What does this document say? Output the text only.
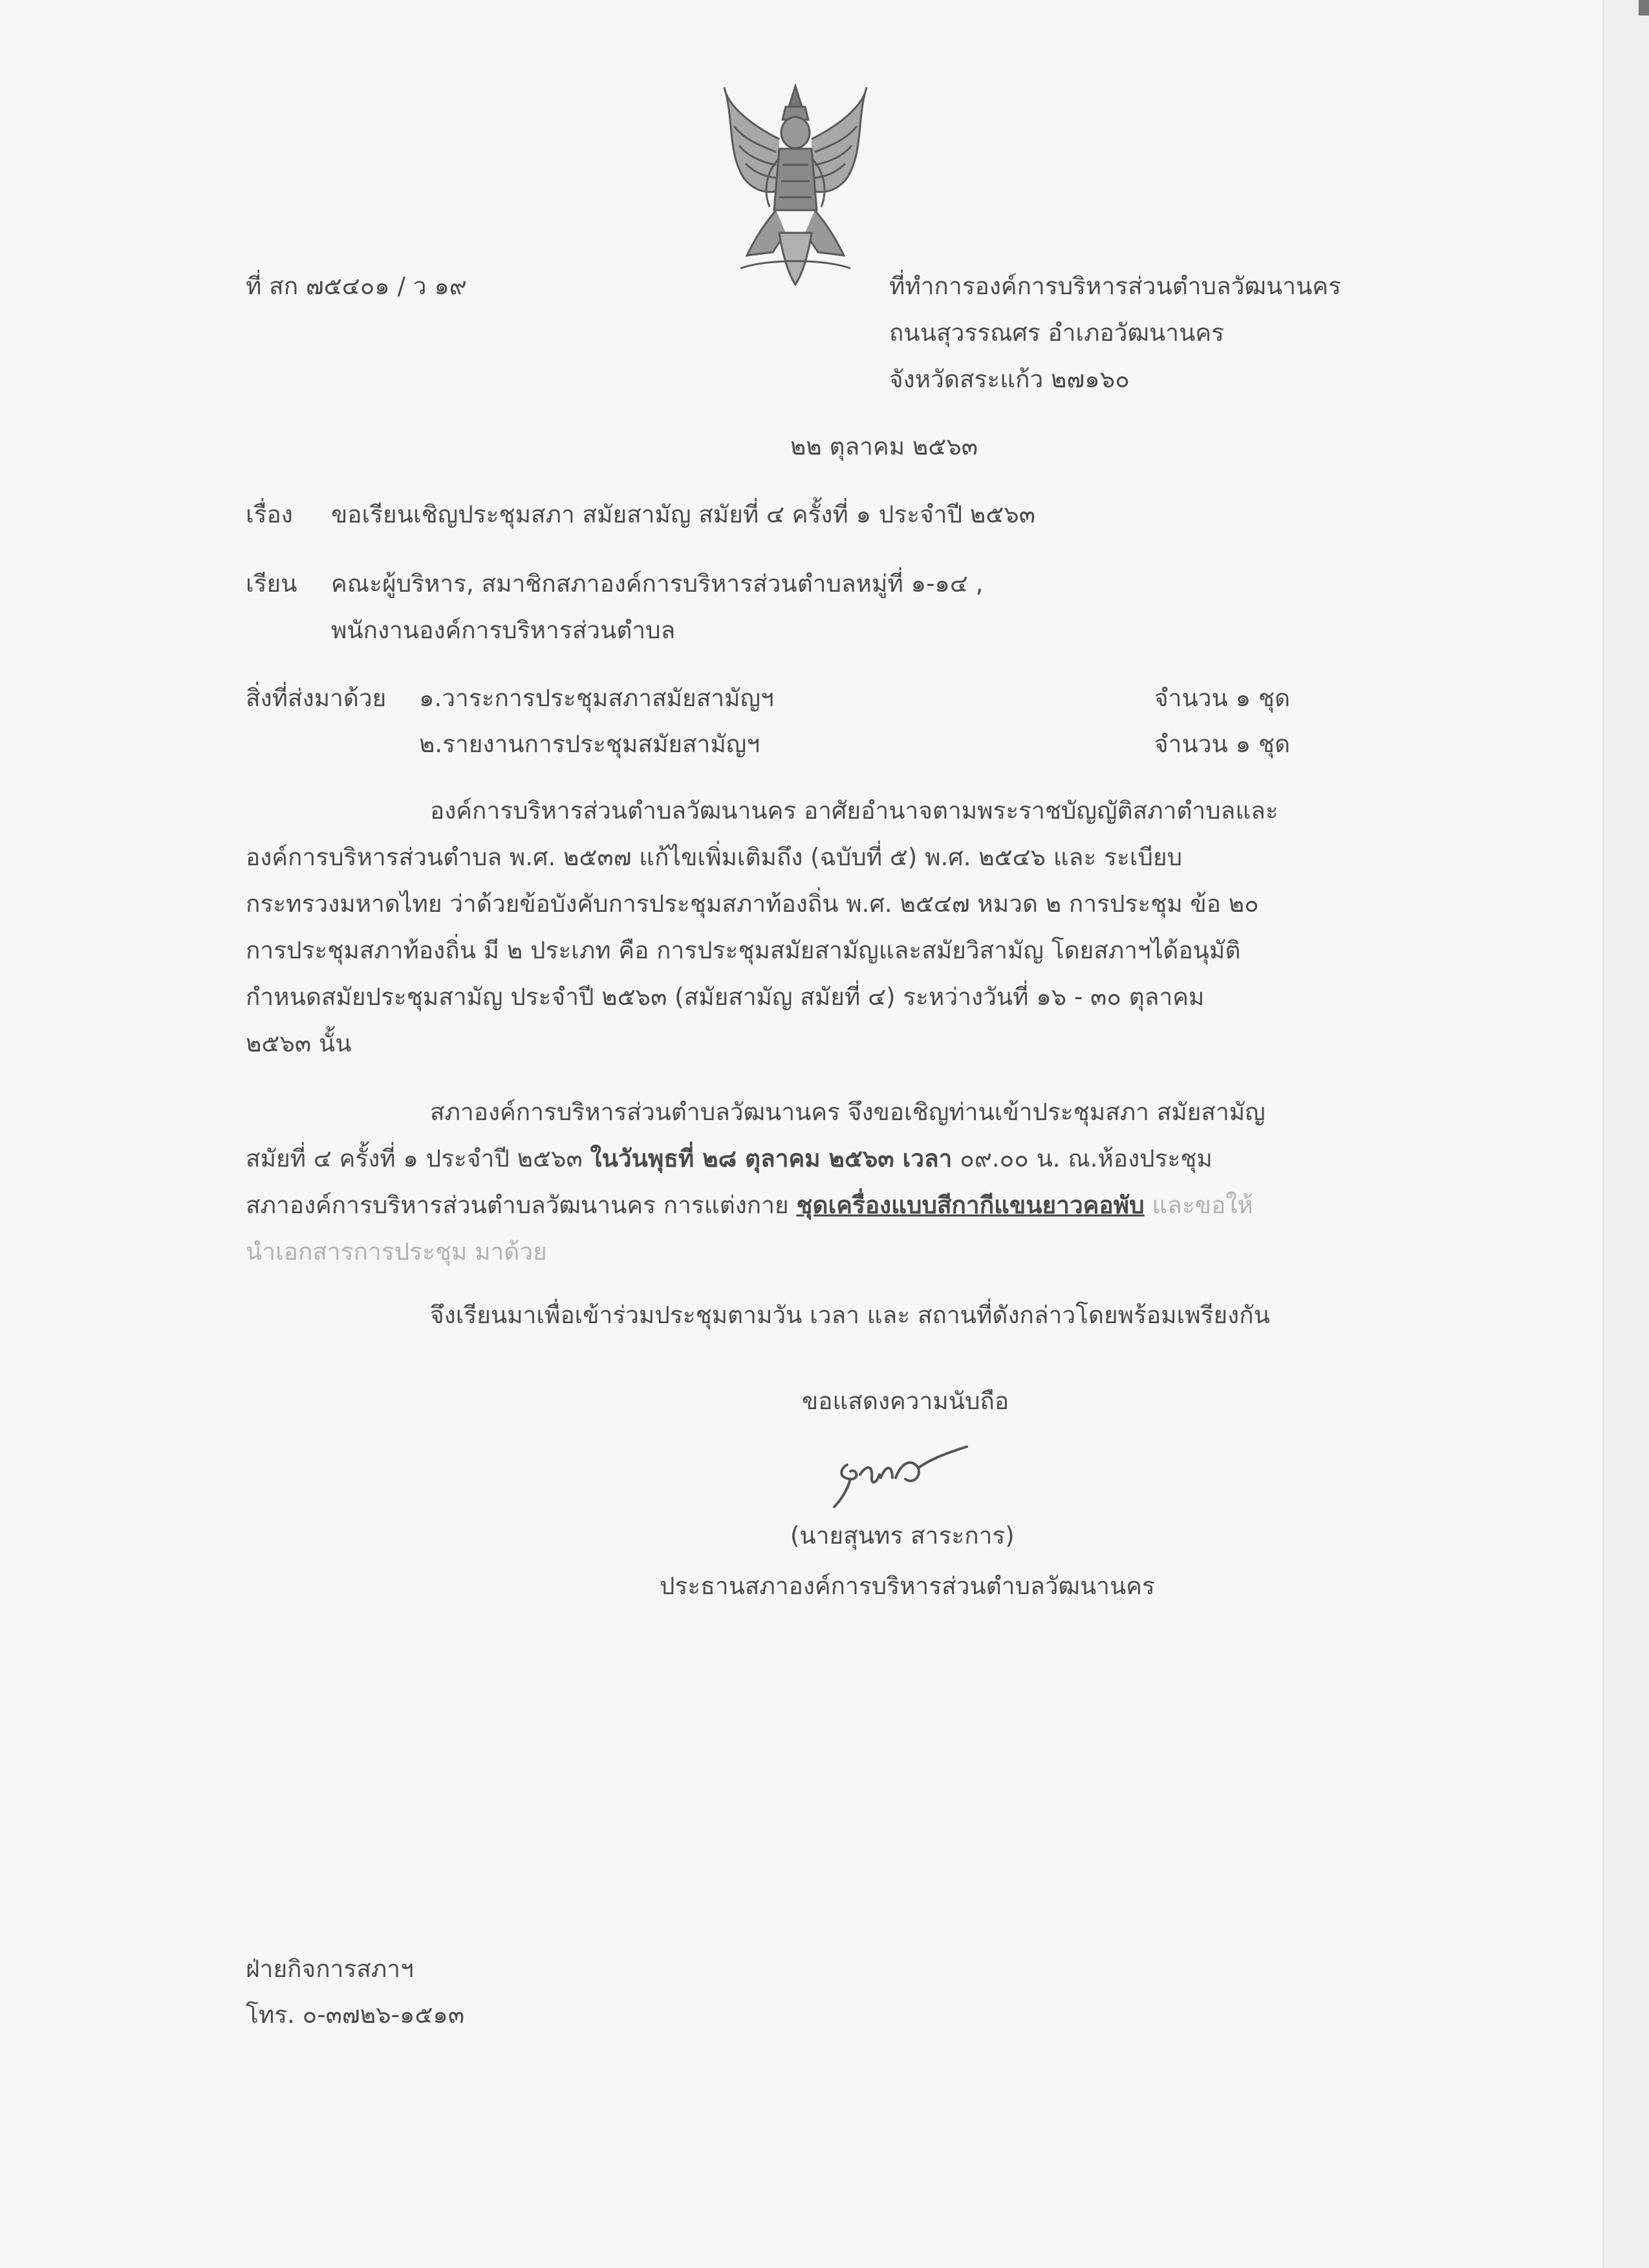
ที่ สก ๗๕๔๐๑ / ว ๑๙	ที่ทำการองค์การบริหารส่วนตำบลวัฒนานคร
ถนนสุวรรณศร อำเภอวัฒนานคร
จังหวัดสระแก้ว ๒๗๑๖๐
๒๒ ตุลาคม ๒๕๖๓
เรื่อง ขอเรียนเชิญประชุมสภา สมัยสามัญ สมัยที่ ๔ ครั้งที่ ๑ ประจำปี ๒๕๖๓
เรียน คณะผู้บริหาร, สมาชิกสภาองค์การบริหารส่วนตำบลหมู่ที่ ๑-๑๔ ,
พนักงานองค์การบริหารส่วนตำบล
สิ่งที่ส่งมาด้วย ๑.วาระการประชุมสภาสมัยสามัญฯ	จำนวน ๑ ชุด
๒.รายงานการประชุมสมัยสามัญฯ	จำนวน ๑ ชุด
องค์การบริหารส่วนตำบลวัฒนานคร อาศัยอำนาจตามพระราชบัญญัติสภาตำบลและ
องค์การบริหารส่วนตำบล พ.ศ. ๒๕๓๗ แก้ไขเพิ่มเติมถึง (ฉบับที่ ๕) พ.ศ. ๒๕๔๖ และ ระเบียบ
กระทรวงมหาดไทย ว่าด้วยข้อบังคับการประชุมสภาท้องถิ่น พ.ศ. ๒๕๔๗ หมวด ๒ การประชุม ข้อ ๒๐
การประชุมสภาท้องถิ่น มี ๒ ประเภท คือ การประชุมสมัยสามัญและสมัยวิสามัญ โดยสภาฯได้อนุมัติ
กำหนดสมัยประชุมสามัญ ประจำปี ๒๕๖๓ (สมัยสามัญ สมัยที่ ๔) ระหว่างวันที่ ๑๖ - ๓๐ ตุลาคม
๒๕๖๓ นั้น
สภาองค์การบริหารส่วนตำบลวัฒนานคร จึงขอเชิญท่านเข้าประชุมสภา สมัยสามัญ
สมัยที่ ๔ ครั้งที่ ๑ ประจำปี ๒๕๖๓ ในวันพุธที่ ๒๘ ตุลาคม ๒๕๖๓ เวลา ๐๙.๐๐ น. ณ.ห้องประชุม
สภาองค์การบริหารส่วนตำบลวัฒนานคร การแต่งกาย ชุดเครื่องแบบสีกากีแขนยาวคอพับ และขอให้
นำเอกสารการประชุม มาด้วย
จึงเรียนมาเพื่อเข้าร่วมประชุมตามวัน เวลา และ สถานที่ดังกล่าวโดยพร้อมเพรียงกัน
ขอแสดงความนับถือ
(นายสุนทร สาระการ)
ประธานสภาองค์การบริหารส่วนตำบลวัฒนานคร
ฝ่ายกิจการสภาฯ
โทร. ๐-๓๗๒๖-๑๕๑๓
